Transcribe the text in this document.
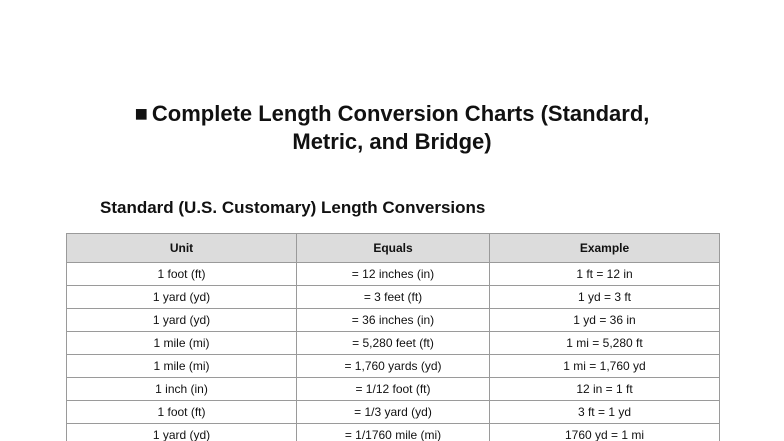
■ Complete Length Conversion Charts (Standard,
Metric, and Bridge)
Standard (U.S. Customary) Length Conversions
Unit	Equals	Example
1 foot (ft)	= 12 inches (in)	1 ft = 12 in
1 yard (yd)	= 3 feet (ft)	1 yd = 3 ft
1 yard (yd)	= 36 inches (in)	1 yd = 36 in
1 mile (mi)	= 5,280 feet (ft)	1 mi = 5,280 ft
1 mile (mi)	= 1,760 yards (yd)	1 mi = 1,760 yd
1 inch (in)	= 1/12 foot (ft)	12 in = 1 ft
1 foot (ft)	= 1/3 yard (yd)	3 ft = 1 yd
1 yard (yd)	= 1/1760 mile (mi)	1760 yd = 1 mi
